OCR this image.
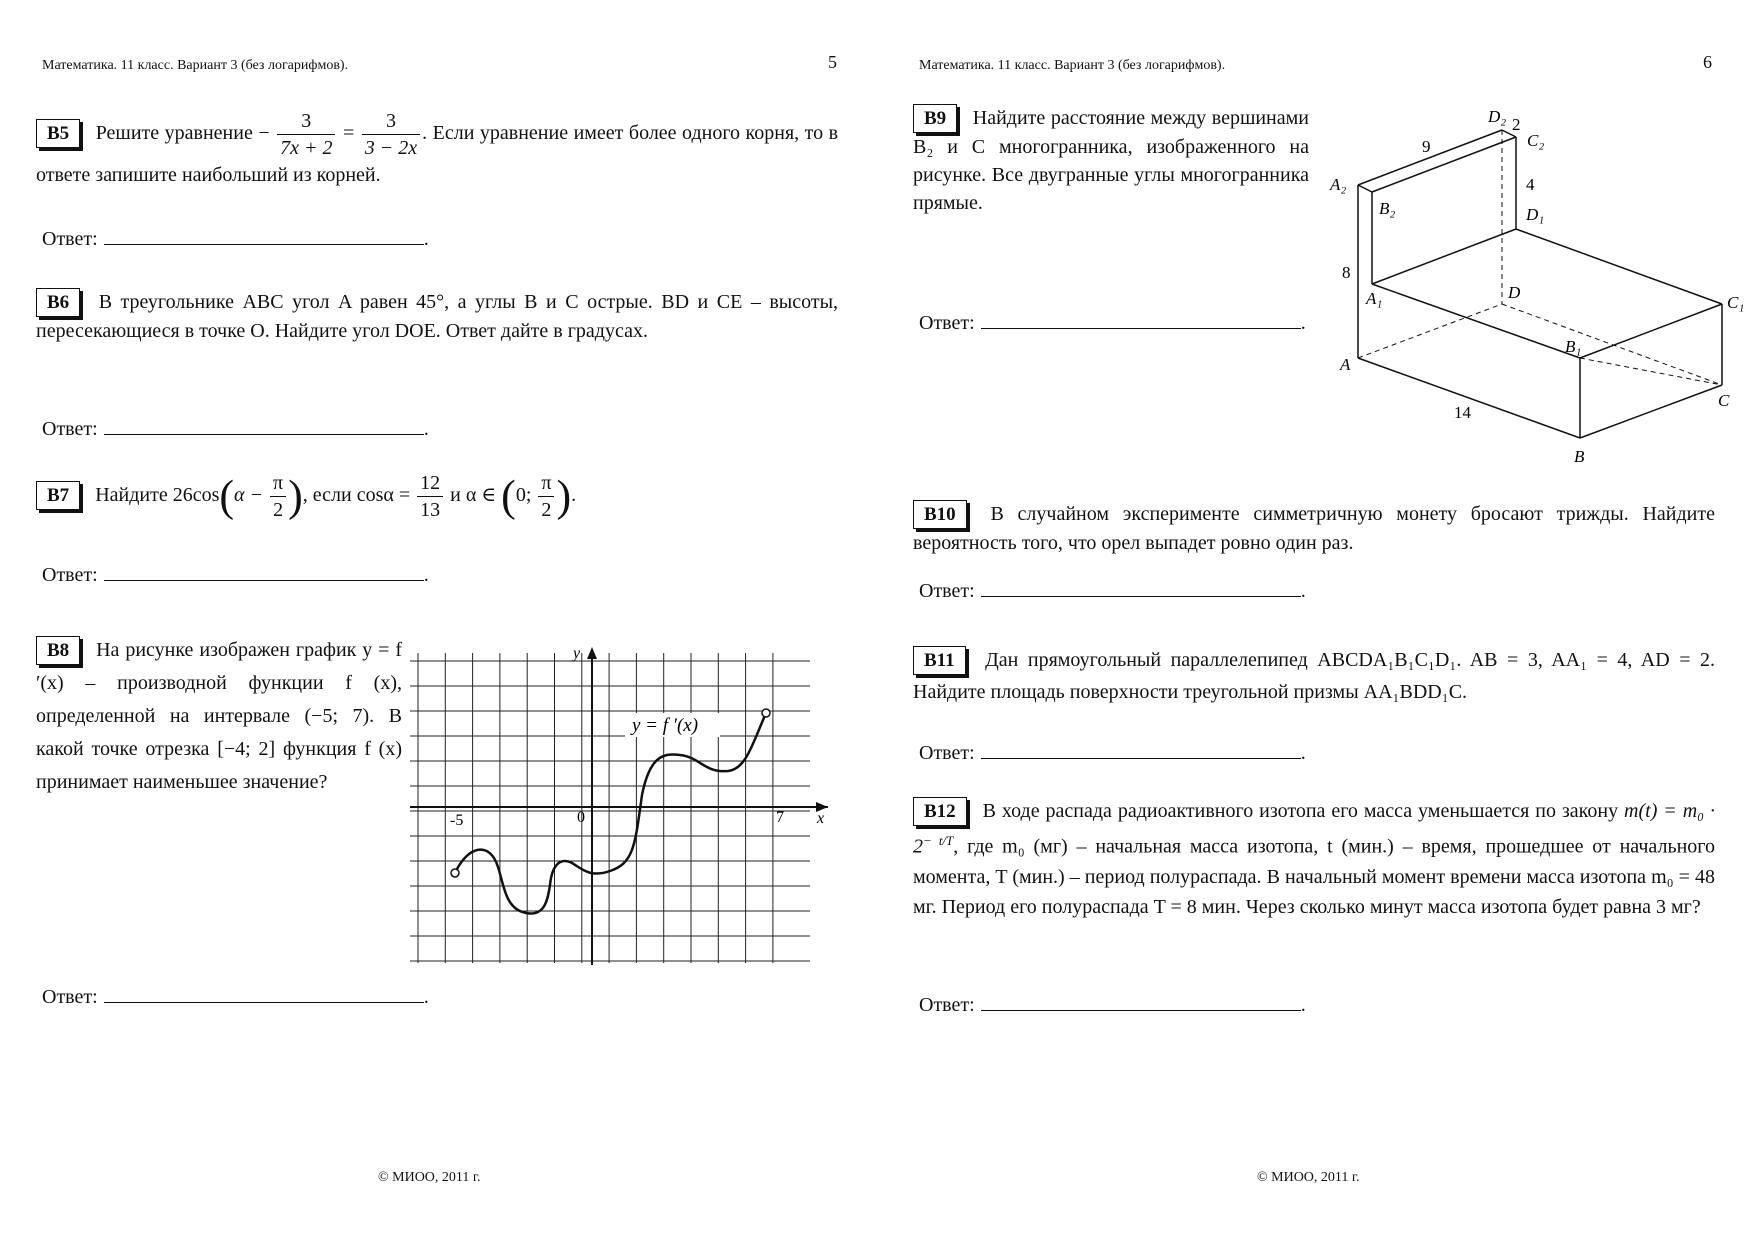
Математика. 11 класс. Вариант 3 (без логарифмов).	5
B5 Решите уравнение − $\frac{3}{7x + 2} = \frac{3}{3 - 2x}$ . Если уравнение имеет более одного корня, то в ответе запишите наибольший из корней.
Ответ:	.
B6 В треугольнике ABC угол A равен 45°, а углы B и C острые. BD и CE – высоты, пересекающиеся в точке O. Найдите угол DOE. Ответ дайте в градусах.
Ответ:	.
B7 Найдите $26\cos(\alpha - \frac{\pi}{2}$ ), если $\cos\alpha = \frac{12}{13}$ и α ∈ (0; $\frac{\pi}{2}$ ).
Ответ:	.
B8 На рисунке изображен график y = f ′(x) – производной функции f (x), определенной на интервале (−5; 7). В какой точке отрезка [−4; 2] функция f (x) принимает наименьшее значение?
y
x
-5	0	7
y = f ′(x)
Ответ:	.
© МИОО, 2011 г.
Математика. 11 класс. Вариант 3 (без логарифмов).	6
B9 Найдите расстояние между вершинами B₂ и C многогранника, изображенного на рисунке. Все двугранные углы многогранника прямые.
Ответ:	.
D₂
C₂
A₂
B₂	D₁
D
A₁	C₁
B₁
A
C
B
9
2
4
8
14
B10 В случайном эксперименте симметричную монету бросают трижды. Найдите вероятность того, что орел выпадет ровно один раз.
Ответ:	.
B11 Дан прямоугольный параллелепипед ABCDA₁B₁C₁D₁. AB = 3, AA₁ = 4, AD = 2. Найдите площадь поверхности треугольной призмы AA₁BDD₁C.
Ответ:	.
B12 В ходе распада радиоактивного изотопа его масса уменьшается по закону $m(t) = m_0 \cdot 2^{- t/T}$, где m₀ (мг) – начальная масса изотопа, t (мин.) – время, прошедшее от начального момента, T (мин.) – период полураспада. В начальный момент времени масса изотопа m₀ = 48 мг. Период его полураспада T = 8 мин. Через сколько минут масса изотопа будет равна 3 мг?
Ответ:	.
© МИОО, 2011 г.
